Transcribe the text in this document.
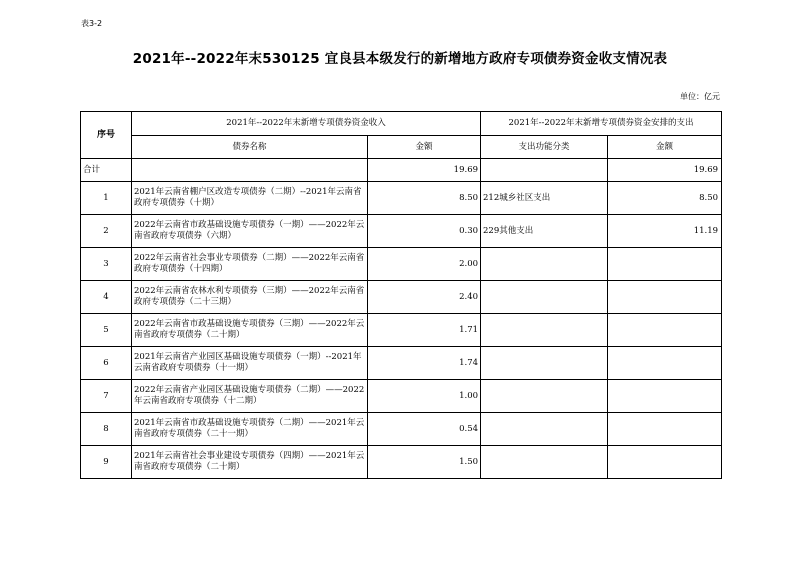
表3-2
2021年--2022年末530125 宜良县本级发行的新增地方政府专项债券资金收支情况表
单位：亿元
序号	2021年--2022年末新增专项债券资金收入		2021年--2022年末新增专项债券资金安排的支出	
	债券名称	金额	支出功能分类	金额
合计		19.69		19.69
1	2021年云南省棚户区改造专项债券（二期）--2021年云南省政府专项债券（十期）	8.50	212城乡社区支出	8.50
2	2022年云南省市政基础设施专项债券（一期）——2022年云南省政府专项债券（六期）	0.30	229其他支出	11.19
3	2022年云南省社会事业专项债券（二期）——2022年云南省政府专项债券（十四期）	2.00		
4	2022年云南省农林水利专项债券（三期）——2022年云南省政府专项债券（二十三期）	2.40		
5	2022年云南省市政基础设施专项债券（三期）——2022年云南省政府专项债券（二十期）	1.71		
6	2021年云南省产业园区基础设施专项债券（一期）--2021年云南省政府专项债券（十一期）	1.74		
7	2022年云南省产业园区基础设施专项债券（二期）——2022年云南省政府专项债券（十二期）	1.00		
8	2021年云南省市政基础设施专项债券（二期）——2021年云南省政府专项债券（二十一期）	0.54		
9	2021年云南省社会事业建设专项债券（四期）——2021年云南省政府专项债券（二十期）	1.50		
